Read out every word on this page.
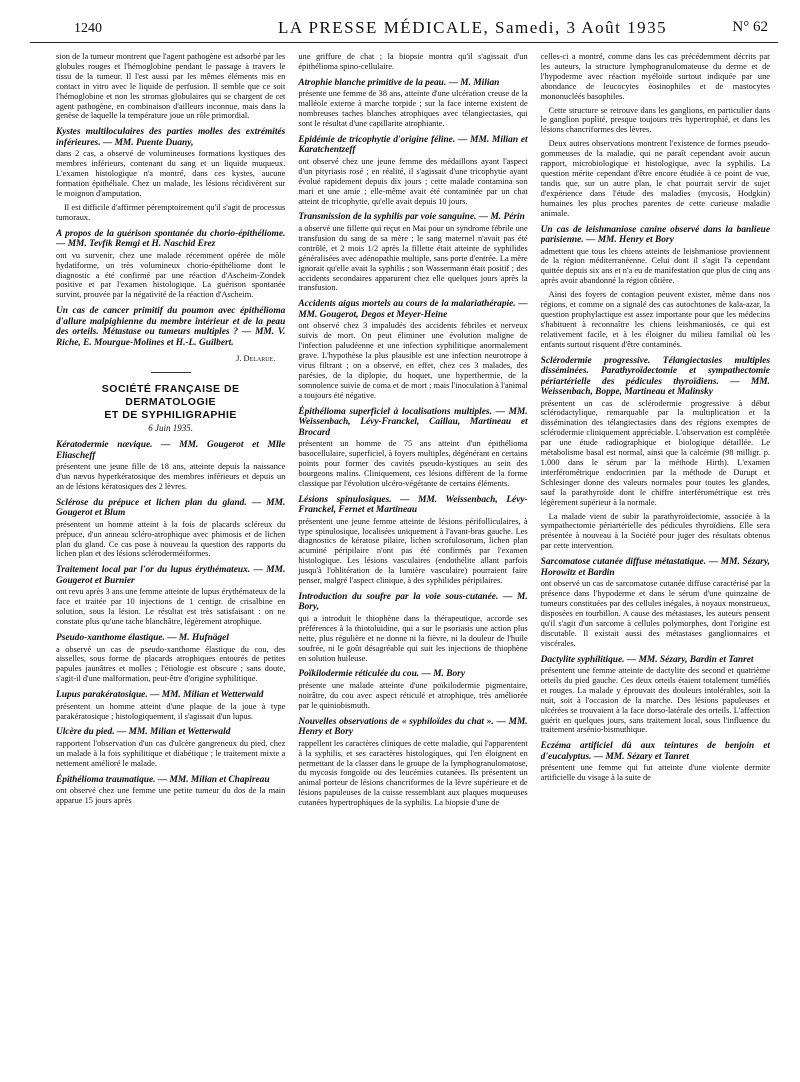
1240	LA PRESSE MÉDICALE, Samedi, 3 Août 1935	N° 62

sion de la tumeur montrent que l'agent pathogène est adsorbé par les globules rouges et l'hémoglobine pendant le passage à travers le tissu de la tumeur. Il l'est aussi par les mêmes éléments mis en contact in vitro avec le liquide de perfusion. Il semble que ce soit l'hémoglobine et non les stromas globulaires qui se chargent de cet agent pathogène, en combinaison d'ailleurs inconnue, mais dans la genèse de laquelle la température joue un rôle primordial.

Kystes multiloculaires des parties molles des extrémités inférieures. — MM. Puente Duany,

dans 2 cas, a observé de volumineuses formations kystiques des membres inférieurs, contenant du sang et un liquide muqueux. L'examen histologique n'a montré, dans ces kystes, aucune formation épithéliale. Chez un malade, les lésions récidivèrent sur le moignon d'amputation.

Il est difficile d'affirmer péremptoirement qu'il s'agit de processus tumoraux.

A propos de la guérison spontanée du chorio-épithéliome. — MM. Tevfik Remgi et H. Naschid Erez

ont vu survenir, chez une malade récemment opérée de môle hydatiforme, un très volumineux chorio-épithéliome dont le diagnostic a été confirmé par une réaction d'Ascheim-Zondek positive et par l'examen histologique. La guérison spontanée survint, prouvée par la négativité de la réaction d'Ascheim.

Un cas de cancer primitif du poumon avec épithélioma d'allure malpighienne du membre intérieur et de la peau des orteils. Métastase ou tumeurs multiples ? — MM. V. Riche, E. Mourgue-Molines et H.-L. Guilbert.
J. Delarue.
SOCIÉTÉ FRANÇAISE DE DERMATOLOGIE
ET DE SYPHILIGRAPHIE
6 Juin 1935.
Kératodermie nævique. — MM. Gougerot et Mlle Eliascheff

présentent une jeune fille de 18 ans, atteinte depuis la naissance d'un nævus hyperkératosique des membres inférieurs et depuis un an de lésions kératosiques des 2 lèvres.

Sclérose du prépuce et lichen plan du gland. — MM. Gougerot et Blum

présentent un homme atteint à la fois de placards scléreux du prépuce, d'un anneau scléro-atrophique avec phimosis et de lichen plan du gland. Ce cas pose à nouveau la question des rapports du lichen plan et des lésions scléroderméiformes.

Traitement local par l'or du lupus érythémateux. — MM. Gougerot et Burnier

ont revu après 3 ans une femme atteinte de lupus érythémateux de la face et traitée par 10 injections de 1 centigr. de crisalbine en solution, sous la lésion. Le résultat est très satisfaisant : on ne constate plus qu'une tache blanchâtre, légèrement atrophique.

Pseudo-xanthome élastique. — M. Hufnägel

a observé un cas de pseudo-xanthome élastique du cou, des aisselles, sous forme de placards atrophiques entourés de petites papules jaunâtres et molles ; l'étiologie est obscure ; sans doute, s'agit-il d'une malformation, peut-être d'origine syphilitique.

Lupus parakératosique. — MM. Milian et Wetterwald

présentent un homme atteint d'une plaque de la joue à type parakératosique ; histologiquement, il s'agissait d'un lupus.

Ulcère du pied. — MM. Milian et Wetterwald

rapportent l'observation d'un cas d'ulcère gangreneux du pied, chez un malade à la fois syphilitique et diabétique ; le traitement mixte a nettement amélioré le malade.

Épithélioma traumatique. — MM. Milian et Chapireau

ont observé chez une femme une petite tumeur du dos de la main apparue 15 jours après

une griffure de chat ; la biopsie montra qu'il s'agissait d'un épithélioma spino-cellulaire.

Atrophie blanche primitive de la peau. — M. Milian

présente une femme de 38 ans, atteinte d'une ulcération creuse de la malléole externe à marche torpide ; sur la face interne existent de nombreuses taches blanches atrophiques avec télangiectasies, qui sont le résultat d'une capillarite atrophiante.

Epidémie de tricophytie d'origine féline. — MM. Milian et Karatchentzeff

ont observé chez une jeune femme des médaillons ayant l'aspect d'un pityriasis rosé ; en réalité, il s'agissait d'une tricophytie ayant évolué rapidement depuis dix jours ; cette malade contamina son mari et une amie ; elle-même avait été contaminée par un chat atteint de tricophytie, qu'elle avait depuis 10 jours.

Transmission de la syphilis par voie sanguine. — M. Périn

a observé une fillette qui reçut en Mai pour un syndrome fébrile une transfusion du sang de sa mère ; le sang maternel n'avait pas été contrôlé, et 2 mois 1/2 après la fillette était atteinte de syphilides généralisées avec adénopathie multiple, sans porte d'entrée. La mère ignorait qu'elle avait la syphilis ; son Wassermann était positif ; des accidents secondaires apparurent chez elle quelques jours après la transfusion.

Accidents aigus mortels au cours de la malariathérapie. — MM. Gougerot, Degos et Meyer-Heine

ont observé chez 3 impaludés des accidents fébriles et nerveux suivis de mort. On peut éliminer une évolution maligne de l'infection paludéenne et une infection syphilitique anormalement grave. L'hypothèse la plus plausible est une infection neurotrope à virus filtrant ; on a observé, en effet, chez ces 3 malades, des parésies, de la diplopie, du hoquet, une hyperthermie, de la somnolence suivie de coma et de mort ; mais l'inoculation à l'animal a toujours été négative.

Épithélioma superficiel à localisations multiples. — MM. Weissenbach, Lévy-Franckel, Caillau, Martineau et Brocard

présentent un homme de 75 ans atteint d'un épithélioma basocellulaire, superficiel, à foyers multiples, dégénérant en certains points pour former des cavités pseudo-kystiques au sein des bourgeons malins. Cliniquement, ces lésions diffèrent de la forme classique par l'évolution ulcéro-végétante de certains éléments.

Lésions spinulosiques. — MM. Weissenbach, Lévy-Franckel, Fernet et Martineau

présentent une jeune femme atteinte de lésions périfolliculaires, à type spinulosique, localisées uniquement à l'avant-bras gauche. Les diagnostics de kératose pilaire, lichen scrofulosorum, lichen plan acuminé péripilaire n'ont pas été confirmés par l'examen histologique. Les lésions vasculaires (endothélite allant parfois jusqu'à l'oblitération de la lumière vasculaire) pourraient faire penser, malgré l'aspect clinique, à des syphilides péripilaires.

Introduction du soufre par la voie sous-cutanée. — M. Bory,

qui a introduit le thiophène dans la thérapeutique, accorde ses préférences à la thiotoluidine, qui a sur le psoriasis une action plus nette, plus régulière et ne donne ni la fièvre, ni la douleur de l'huile soufrée, ni le goût désagréable qui suit les injections de thiophène en solution huileuse.

Poïkilodermie réticulée du cou. — M. Bory

présente une malade atteinte d'une poïkilodermie pigmentaire, noirâtre, du cou avec aspect réticulé et atrophique, très améliorée par le quiniobismuth.

Nouvelles observations de « syphiloïdes du chat ». — MM. Henry et Bory

rappellent les caractères cliniques de cette maladie, qui l'apparentent à la syphilis, et ses caractères histologiques, qui l'en éloignent en permettant de la classer dans le groupe de la lymphogranulomatose, du mycosis fongoïde ou des leucémies cutanées. Ils présentent un animal porteur de lésions chancriformes de la lèvre supérieure et de lésions papuleuses de la cuisse ressemblant aux plaques muqueuses cutanées hypertrophiques de la syphilis. La biopsie d'une de

celles-ci a montré, comme dans les cas précédemment décrits par les auteurs, la structure lymphogranulomateuse du derme et de l'hypoderme avec réaction myéloïde surtout indiquée par une abondance de leucocytes éosinophiles et de mastocytes mononucléés basophiles.

Cette structure se retrouve dans les ganglions, en particulier dans le ganglion poplité, presque toujours très hypertrophié, et dans les lésions chancriformes des lèvres.

Deux autres observations montrent l'existence de formes pseudo-gommeuses de la maladie, qui ne paraît cependant avoir aucun rapport, microbiologique et histologique, avec la syphilis. La question mérite cependant d'être encore étudiée à ce point de vue, tandis que, sur un autre plan, le chat pourrait servir de sujet d'expérience dans l'étude des maladies (mycosis, Hodgkin) humaines les plus proches parentes de cette curieuse maladie animale.

Un cas de leishmaniose canine observé dans la banlieue parisienne. — MM. Henry et Bory

admettent que tous les chiens atteints de leishmaniose proviennent de la région méditerranéenne. Celui dont il s'agit l'a cependant quittée depuis six ans et n'a eu de manifestation que plus de cinq ans après avoir abandonné la région côtière.

Ainsi des foyers de contagion peuvent exister, même dans nos régions, et comme on a signalé des cas autochtones de kala-azar, la question prophylactique est assez importante pour que les médecins s'habituent à reconnaître les chiens leishmaniosés, ce qui est relativement facile, et à les éloigner du milieu familial où les enfants surtout risquent d'être contaminés.

Sclérodermie progressive. Télangiectasies multiples disséminées. Parathyroïdectomie et sympathectomie périartérielle des pédicules thyroïdiens. — MM. Weissenbach, Boppe, Martineau et Malinsky

présentent un cas de sclérodermie progressive à début sclérodactylique, remarquable par la multiplication et la dissémination des télangiectasies dans des régions exemptes de sclérodermie cliniquement appréciable. L'observation est complétée par une étude radiographique et biologique détaillée. Le métabolisme basal est normal, ainsi que la calcémie (98 milligr. p. 1.000 dans le sérum par la méthode Hirth). L'examen interférométrique endocrinien par la méthode de Durupt et Schlesinger donne des valeurs normales pour toutes les glandes, sauf la parathyroïde dont le chiffre interférométrique est très légèrement supérieur à la normale.

La malade vient de subir la parathyroïdectomie, associée à la sympathectomie périartérielle des pédicules thyroïdiens. Elle sera présentée à nouveau à la Société pour juger des résultats obtenus par cette intervention.

Sarcomatose cutanée diffuse métastatique. — MM. Sézary, Horowitz et Bardin

ont observé un cas de sarcomatose cutanée diffuse caractérisé par la présence dans l'hypoderme et dans le sérum d'une quinzaine de tumeurs constituées par des cellules inégales, à noyaux monstrueux, disposées en tourbillon. A cause des métastases, les auteurs pensent qu'il s'agit d'un sarcome à cellules polymorphes, dont l'origine est discutable. Il existait aussi des métastases ganglionnaires et viscérales.

Dactylite syphilitique. — MM. Sézary, Bardin et Tanret

présentent une femme atteinte de dactylite des second et quatrième orteils du pied gauche. Ces deux orteils étaient totalement tuméfiés et rouges. La malade y éprouvait des douleurs intolérables, soit la nuit, soit à l'occasion de la marche. Des lésions papuleuses et ulcérées se trouvaient à la face dorso-latérale des orteils. L'affection guérit en quelques jours, sans traitement local, sous l'influence du traitement arsénio-bismuthique.

Eczéma artificiel dû aux teintures de benjoin et d'eucalyptus. — MM. Sézary et Tanret

présentent une femme qui fut atteinte d'une violente dermite artificielle du visage à la suite de
